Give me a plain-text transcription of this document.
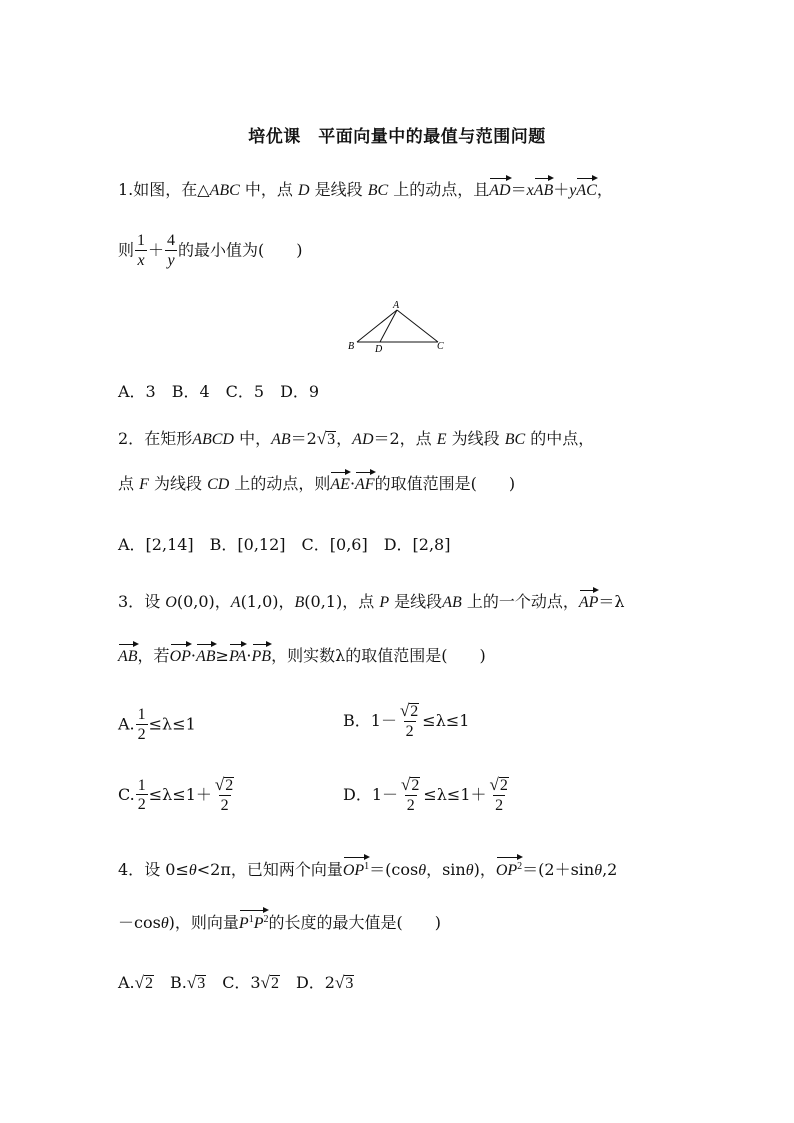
培优课　平面向量中的最值与范围问题
1.如图，在△ABC 中，点 D 是线段 BC 上的动点，且AD＝xAB＋yAC，
则 $\frac{1}{x} + \frac{4}{y}$ 的最小值为(　　)
A
B D	C
A．3　B．4　C．5　D．9
2．在矩形ABCD 中，AB＝2 √ 3 ，AD＝2，点 E 为线段 BC 的中点，
点 F 为线段 CD 上的动点，则AE·AF的取值范围是(　　)
A．[2,14]　B．[0,12]　C．[0,6]　D．[2,8]
3．设 O(0,0)，A(1,0)，B(0,1)，点 P 是线段AB 上的一个动点，AP＝λ
AB，若OP·AB≥PA·PB，则实数λ的取值范围是(　　)
A. $\frac{1}{2} \le\lambda\le 1$	B．$1- \frac{√ 2}{2} \le\lambda\le 1$
C. $\frac{1}{2} \le\lambda\le 1+ \frac{√ 2}{2}$	D．$1- \frac{√ 2}{2} \le\lambda\le 1+ \frac{√ 2}{2}$
4．设 0≤θ<2π，已知两个向量$OP^1=(\cos\theta$，sinθ)，$OP^2=(2+\sin\theta,2$
－cosθ)，则向量$P^1P^2$的长度的最大值是(　　)
A. √ 2 　B. √ 3 　C．3 √ 2 　D．2 √ 3
